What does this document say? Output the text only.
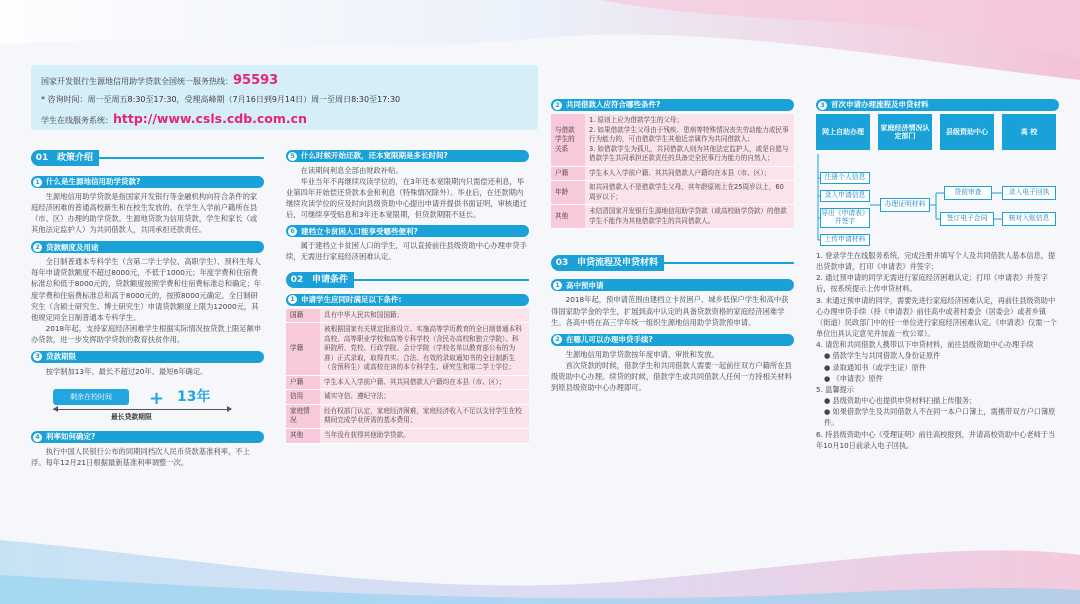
国家开发银行生源地信用助学贷款全国统一服务热线：95593
* 咨询时间：周一至周五8:30至17:30，受理高峰期（7月16日到9月14日）周一至周日8:30至17:30
学生在线服务系统：http://www.csls.cdb.com.cn
01 政策介绍
1 什么是生源地信用助学贷款?
生源地信用助学贷款是指国家开发银行等金融机构向符合条件的家庭经济困难的普通高校新生和在校生发放的、在学生入学前户籍所在县（市、区）办理的助学贷款。生源地贷款为信用贷款，学生和家长（或其他法定监护人）为共同借款人，共同承担还款责任。
2 贷款额度及用途
全日制普通本专科学生（含第二学士学位、高职学生）、预科生每人每年申请贷款额度不超过8000元，不低于1000元；年度学费和住宿费标准总和低于8000元的，贷款额度按照学费和住宿费标准总和确定；年度学费和住宿费标准总和高于8000元的，按照8000元确定。全日制研究生（含硕士研究生、博士研究生）申请贷款额度上限为12000元，其他规定同全日制普通本专科学生。
2018年起，支持家庭经济困难学生根据实际情况按贷款上限足额申办贷款，进一步发挥助学贷款的教育扶贫作用。
3 贷款期限
按学制加13年、最长不超过20年、最短6年确定。
剩余在校时间	+ 13年
最长贷款期限
4 利率如何确定?
执行中国人民银行公布的同期同档次人民币贷款基准利率，不上浮。每年12月21日根据最新基准利率调整一次。
5 什么时候开始还款，还本宽限期是多长时间?
在读期间利息全部由财政补贴。
毕业当年不再继续攻读学位的，在3年还本宽限期内只需偿还利息，毕业第四年开始偿还贷款本金和利息（特殊情况除外）。毕业后，在还款期内继续攻读学位的应及时向县级资助中心提出申请并提供书面证明，审核通过后，可继续享受贴息和3年还本宽限期，但贷款期限不延长。
6 建档立卡贫困人口能享受哪些便利?
属于建档立卡贫困人口的学生，可以直接前往县级资助中心办理申贷手续，无需进行家庭经济困难认定。
02 申请条件
1 申请学生应同时满足以下条件:
国籍	具有中华人民共和国国籍；
学籍	被根据国家有关规定批准设立、实施高等学历教育的全日制普通本科高校、高等职业学校和高等专科学校（含民办高校和独立学院）、科研院所、党校、行政学院、会计学院（学校名单以教育部公布的为准）正式录取，取得真实、合法、有效的录取通知书的全日制新生（含预科生）或高校在读的本专科学生、研究生和第二学士学位；
户籍	学生本人入学前户籍、其共同借款人户籍均在本县（市、区）；
信用	诚实守信、遵纪守法；
家庭情况	经有权部门认定，家庭经济困难，家庭经济收入不足以支付学生在校期间完成学业所需的基本费用；
其他	当年没有获得其他助学贷款。
2 共同借款人应符合哪些条件?
与借款学生的关系	1. 原则上应为借款学生的父母；
2. 如果借款学生父母由于残疾、患病等特殊情况丧失劳动能力或民事行为能力的，可由借款学生其他近亲属作为共同借款人；
3. 如借款学生为孤儿，共同借款人则为其他法定监护人，或是自愿与借款学生共同承担还款责任的具备完全民事行为能力的自然人；
户籍	学生本人入学前户籍、其共同借款人户籍均在本县（市、区）；
年龄	如共同借款人不是借款学生父母，其年龄原则上在25周岁以上，60周岁以下；
其他	未结清国家开发银行生源地信用助学贷款（或高校助学贷款）的借款学生不能作为其他借款学生的共同借款人。
03 申贷流程及申贷材料
1 高中预申请
2018年起，预申请范围由建档立卡贫困户、城乡低保户学生和高中获得国家助学金的学生，扩展到高中认定的具备贷款资格的家庭经济困难学生。各高中将在高三学年统一组织生源地信用助学贷款预申请。
2 在哪儿可以办理申贷手续?
生源地信用助学贷款按年度申请、审批和发放。
首次贷款的时候，借款学生和共同借款人需要一起前往双方户籍所在县级资助中心办理。续贷的时候，借款学生或共同借款人任何一方持相关材料到原县级资助中心办理即可。
3 首次申请办理流程及申贷材料
网上自助办理
家庭经济情况认定部门
县级资助中心	高 校
注册个人信息
录入申请信息
导出《申请表》并签字
上传申请材料
办理证明材料
贷前审查
签订电子合同
录入电子回执
核对入账信息
1. 登录学生在线服务系统，完成注册并填写个人及共同借款人基本信息，提出贷款申请，打印《申请表》并签字；
2. 通过预申请的同学无需进行家庭经济困难认定；打印《申请表》并签字后，按系统提示上传申贷材料。
3. 未通过预申请的同学，需要先进行家庭经济困难认定，再前往县级资助中心办理申贷手续（持《申请表》前往高中或者村委会（居委会）或者乡镇（街道）民政部门中的任一单位进行家庭经济困难认定。《申请表》仅需一个单位出具认定意见并加盖一枚公章）。
4. 请您和共同借款人携带以下申贷材料，前往县级资助中心办理手续
● 借款学生与共同借款人身份证原件
● 录取通知书（或学生证）原件
● 《申请表》原件
5. 温馨提示
● 县级资助中心也提供申贷材料扫描上传服务；
● 如果借款学生及共同借款人不在同一本户口簿上，需携带双方户口簿原件。
6. 持县级资助中心《受理证明》前往高校报到，并请高校资助中心老师于当年10月10日前录入电子回执。
